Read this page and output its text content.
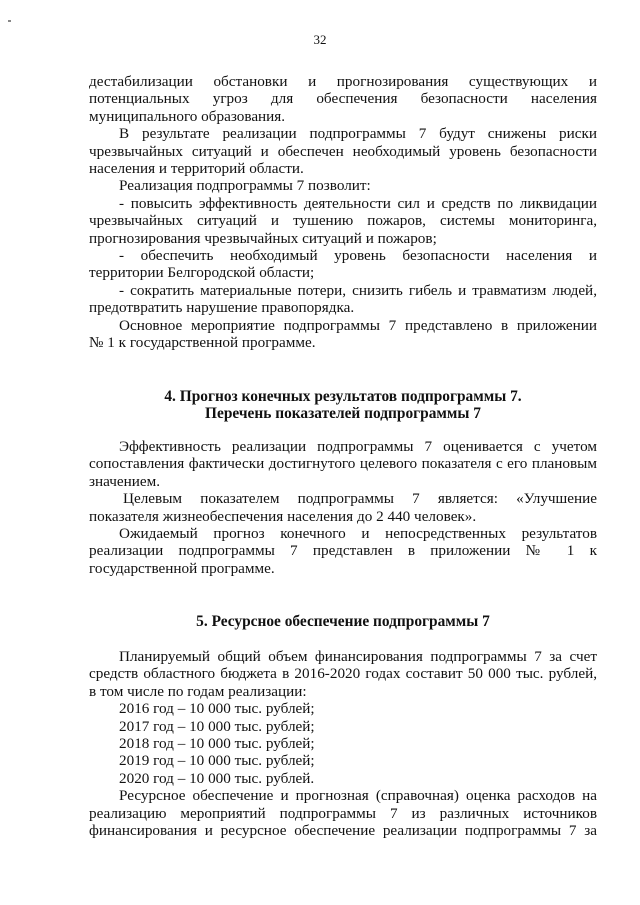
32
дестабилизации обстановки и прогнозирования существующих и
потенциальных угроз для обеспечения безопасности населения
муниципального образования.
В результате реализации подпрограммы 7 будут снижены риски
чрезвычайных ситуаций и обеспечен необходимый уровень безопасности
населения и территорий области.
Реализация подпрограммы 7 позволит:
- повысить эффективность деятельности сил и средств по ликвидации
чрезвычайных ситуаций и тушению пожаров, системы мониторинга,
прогнозирования чрезвычайных ситуаций и пожаров;
- обеспечить необходимый уровень безопасности населения и
территории Белгородской области;
- сократить материальные потери, снизить гибель и травматизм людей,
предотвратить нарушение правопорядка.
Основное мероприятие подпрограммы 7 представлено в приложении
№ 1 к государственной программе.
4. Прогноз конечных результатов подпрограммы 7.
Перечень показателей подпрограммы 7
Эффективность реализации подпрограммы 7 оценивается с учетом
сопоставления фактически достигнутого целевого показателя с его плановым
значением.
Целевым показателем подпрограммы 7 является: «Улучшение
показателя жизнеобеспечения населения до 2 440 человек».
Ожидаемый прогноз конечного и непосредственных результатов
реализации подпрограммы 7 представлен в приложении № 1 к
государственной программе.
5. Ресурсное обеспечение подпрограммы 7
Планируемый общий объем финансирования подпрограммы 7 за счет
средств областного бюджета в 2016-2020 годах составит 50 000 тыс. рублей,
в том числе по годам реализации:
2016 год – 10 000 тыс. рублей;
2017 год – 10 000 тыс. рублей;
2018 год – 10 000 тыс. рублей;
2019 год – 10 000 тыс. рублей;
2020 год – 10 000 тыс. рублей.
Ресурсное обеспечение и прогнозная (справочная) оценка расходов на
реализацию мероприятий подпрограммы 7 из различных источников
финансирования и ресурсное обеспечение реализации подпрограммы 7 за
